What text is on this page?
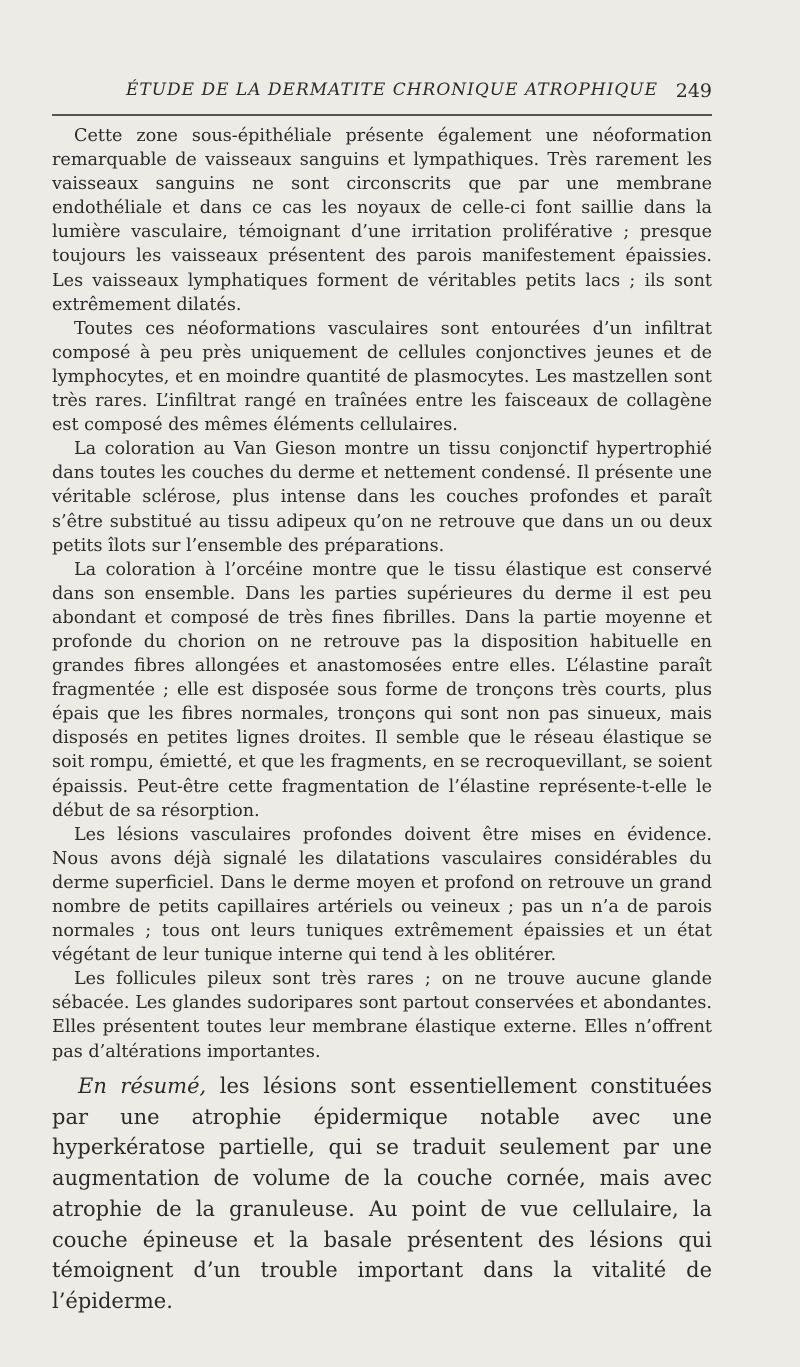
ÉTUDE DE LA DERMATITE CHRONIQUE ATROPHIQUE 249

Cette zone sous-épithéliale présente également une néoformation remarquable de vaisseaux sanguins et lympathiques. Très rarement les vaisseaux sanguins ne sont circonscrits que par une membrane endothéliale et dans ce cas les noyaux de celle-ci font saillie dans la lumière vasculaire, témoignant d’une irritation proliférative ; presque toujours les vaisseaux présentent des parois manifestement épaissies. Les vaisseaux lymphatiques forment de véritables petits lacs ; ils sont extrêmement dilatés.

Toutes ces néoformations vasculaires sont entourées d’un infiltrat composé à peu près uniquement de cellules conjonctives jeunes et de lymphocytes, et en moindre quantité de plasmocytes. Les mastzellen sont très rares. L’infiltrat rangé en traînées entre les faisceaux de collagène est composé des mêmes éléments cellulaires.

La coloration au Van Gieson montre un tissu conjonctif hypertrophié dans toutes les couches du derme et nettement condensé. Il présente une véritable sclérose, plus intense dans les couches profondes et paraît s’être substitué au tissu adipeux qu’on ne retrouve que dans un ou deux petits îlots sur l’ensemble des préparations.

La coloration à l’orcéine montre que le tissu élastique est conservé dans son ensemble. Dans les parties supérieures du derme il est peu abondant et composé de très fines fibrilles. Dans la partie moyenne et profonde du chorion on ne retrouve pas la disposition habituelle en grandes fibres allongées et anastomosées entre elles. L’élastine paraît fragmentée ; elle est disposée sous forme de tronçons très courts, plus épais que les fibres normales, tronçons qui sont non pas sinueux, mais disposés en petites lignes droites. Il semble que le réseau élastique se soit rompu, émietté, et que les fragments, en se recroquevillant, se soient épaissis. Peut-être cette fragmentation de l’élastine représente-t-elle le début de sa résorption.

Les lésions vasculaires profondes doivent être mises en évidence. Nous avons déjà signalé les dilatations vasculaires considérables du derme superficiel. Dans le derme moyen et profond on retrouve un grand nombre de petits capillaires artériels ou veineux ; pas un n’a de parois normales ; tous ont leurs tuniques extrêmement épaissies et un état végétant de leur tunique interne qui tend à les oblitérer.

Les follicules pileux sont très rares ; on ne trouve aucune glande sébacée. Les glandes sudoripares sont partout conservées et abondantes. Elles présentent toutes leur membrane élastique externe. Elles n’offrent pas d’altérations importantes.

En résumé, les lésions sont essentiellement constituées par une atrophie épidermique notable avec une hyperkératose partielle, qui se traduit seulement par une augmentation de volume de la couche cornée, mais avec atrophie de la granuleuse. Au point de vue cellulaire, la couche épineuse et la basale présentent des lésions qui témoignent d’un trouble important dans la vitalité de l’épiderme.
